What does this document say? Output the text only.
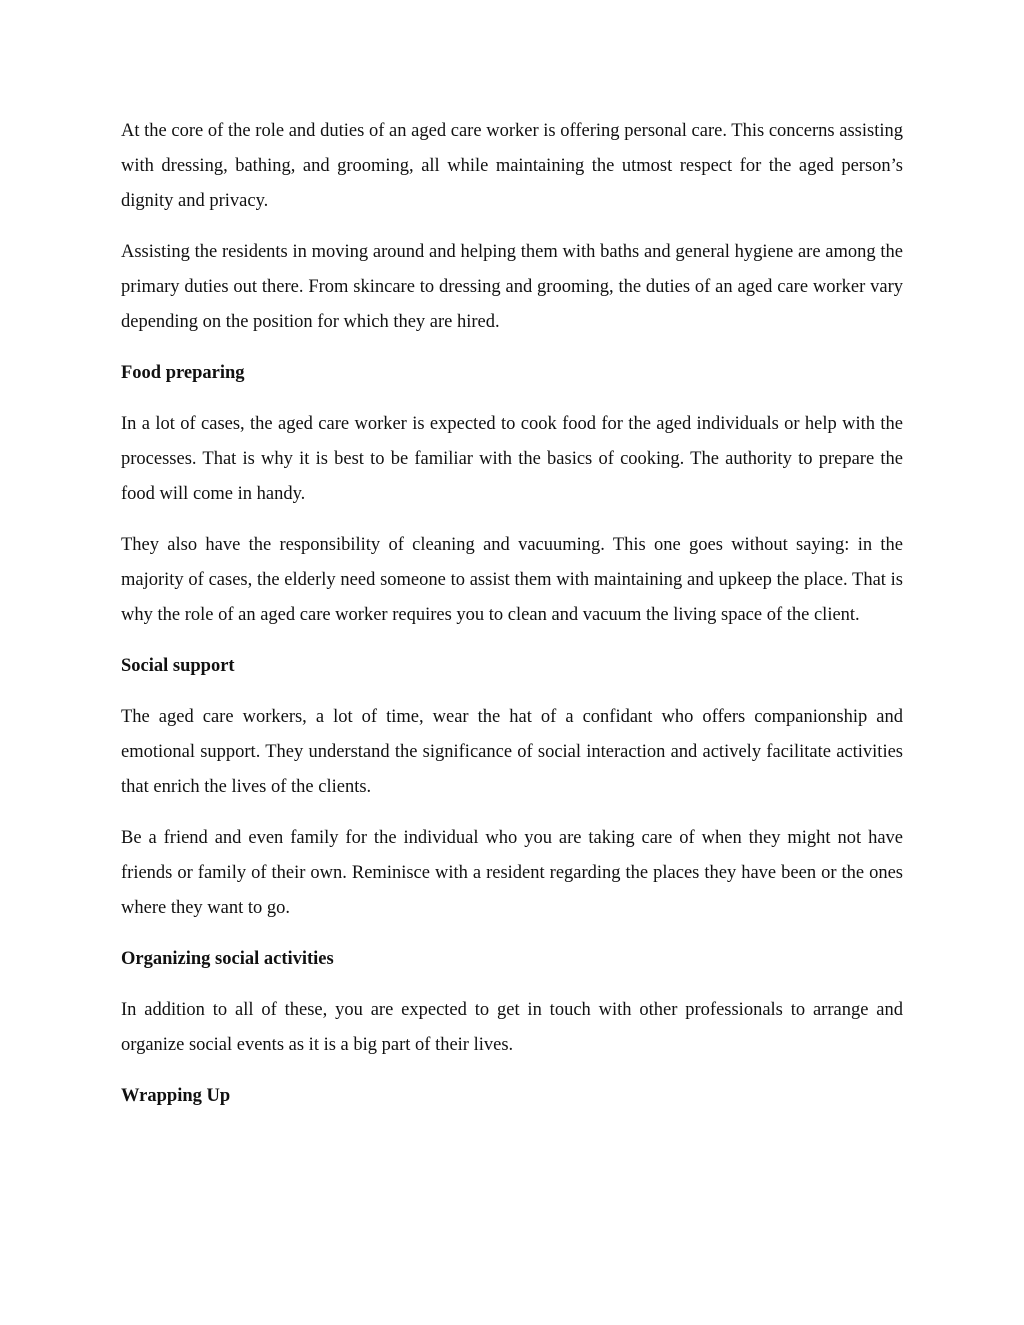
At the core of the role and duties of an aged care worker is offering personal care. This concerns assisting with dressing, bathing, and grooming, all while maintaining the utmost respect for the aged person’s dignity and privacy.

Assisting the residents in moving around and helping them with baths and general hygiene are among the primary duties out there. From skincare to dressing and grooming, the duties of an aged care worker vary depending on the position for which they are hired.

Food preparing

In a lot of cases, the aged care worker is expected to cook food for the aged individuals or help with the processes. That is why it is best to be familiar with the basics of cooking. The authority to prepare the food will come in handy.

They also have the responsibility of cleaning and vacuuming. This one goes without saying: in the majority of cases, the elderly need someone to assist them with maintaining and upkeep the place. That is why the role of an aged care worker requires you to clean and vacuum the living space of the client.

Social support

The aged care workers, a lot of time, wear the hat of a confidant who offers companionship and emotional support. They understand the significance of social interaction and actively facilitate activities that enrich the lives of the clients.

Be a friend and even family for the individual who you are taking care of when they might not have friends or family of their own. Reminisce with a resident regarding the places they have been or the ones where they want to go.

Organizing social activities

In addition to all of these, you are expected to get in touch with other professionals to arrange and organize social events as it is a big part of their lives.

Wrapping Up
